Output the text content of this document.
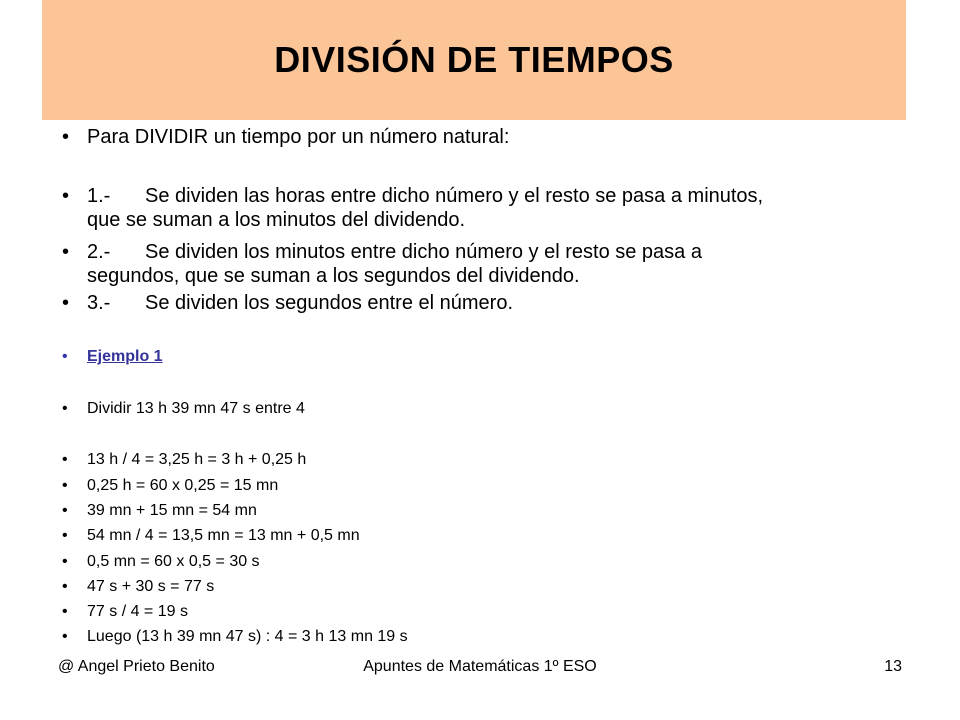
DIVISIÓN DE TIEMPOS
• Para DIVIDIR un tiempo por un número natural:
• 1.- Se dividen las horas entre dicho número y el resto se pasa a minutos,
que se suman a los minutos del dividendo.
• 2.- Se dividen los minutos entre dicho número y el resto se pasa a
segundos, que se suman a los segundos del dividendo.
• 3.- Se dividen los segundos entre el número.
• Ejemplo 1
• Dividir 13 h 39 mn 47 s entre 4
• 13 h / 4 = 3,25 h = 3 h + 0,25 h
• 0,25 h = 60 x 0,25 = 15 mn
• 39 mn + 15 mn = 54 mn
• 54 mn / 4 = 13,5 mn = 13 mn + 0,5 mn
• 0,5 mn = 60 x 0,5 = 30 s
• 47 s + 30 s = 77 s
• 77 s / 4 = 19 s
• Luego (13 h 39 mn 47 s) : 4 = 3 h 13 mn 19 s
@ Angel Prieto Benito	Apuntes de Matemáticas 1º ESO	13
